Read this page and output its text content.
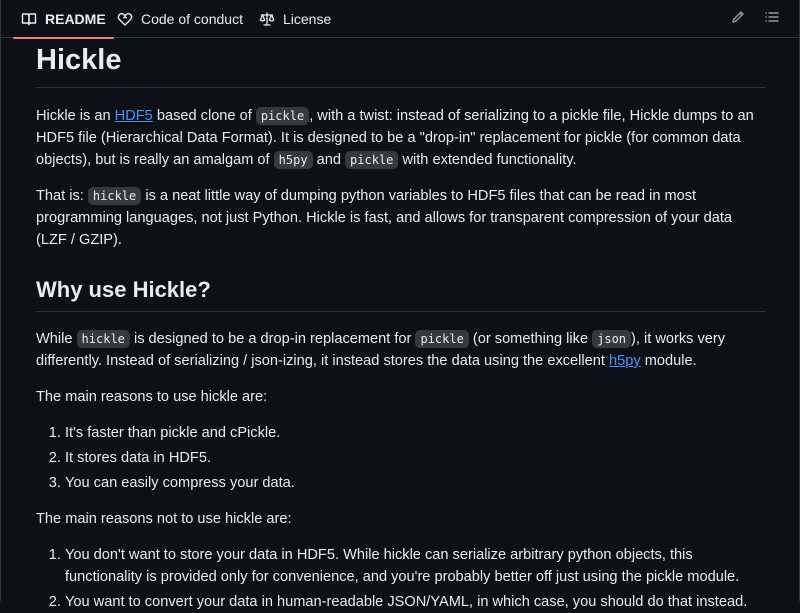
README	Code of conduct	License
Hickle

Hickle is an HDF5 based clone of pickle , with a twist: instead of serializing to a pickle file, Hickle dumps to an HDF5 file (Hierarchical Data Format). It is designed to be a "drop-in" replacement for pickle (for common data objects), but is really an amalgam of h5py and pickle with extended functionality.

That is: hickle is a neat little way of dumping python variables to HDF5 files that can be read in most programming languages, not just Python. Hickle is fast, and allows for transparent compression of your data (LZF / GZIP).

Why use Hickle?

While hickle is designed to be a drop-in replacement for pickle (or something like json ), it works very differently. Instead of serializing / json-izing, it instead stores the data using the excellent h5py module.

The main reasons to use hickle are:

1. It's faster than pickle and cPickle.
2. It stores data in HDF5.
3. You can easily compress your data.

The main reasons not to use hickle are:

1. You don't want to store your data in HDF5. While hickle can serialize arbitrary python objects, this functionality is provided only for convenience, and you're probably better off just using the pickle module.
2. You want to convert your data in human-readable JSON/YAML, in which case, you should do that instead.
